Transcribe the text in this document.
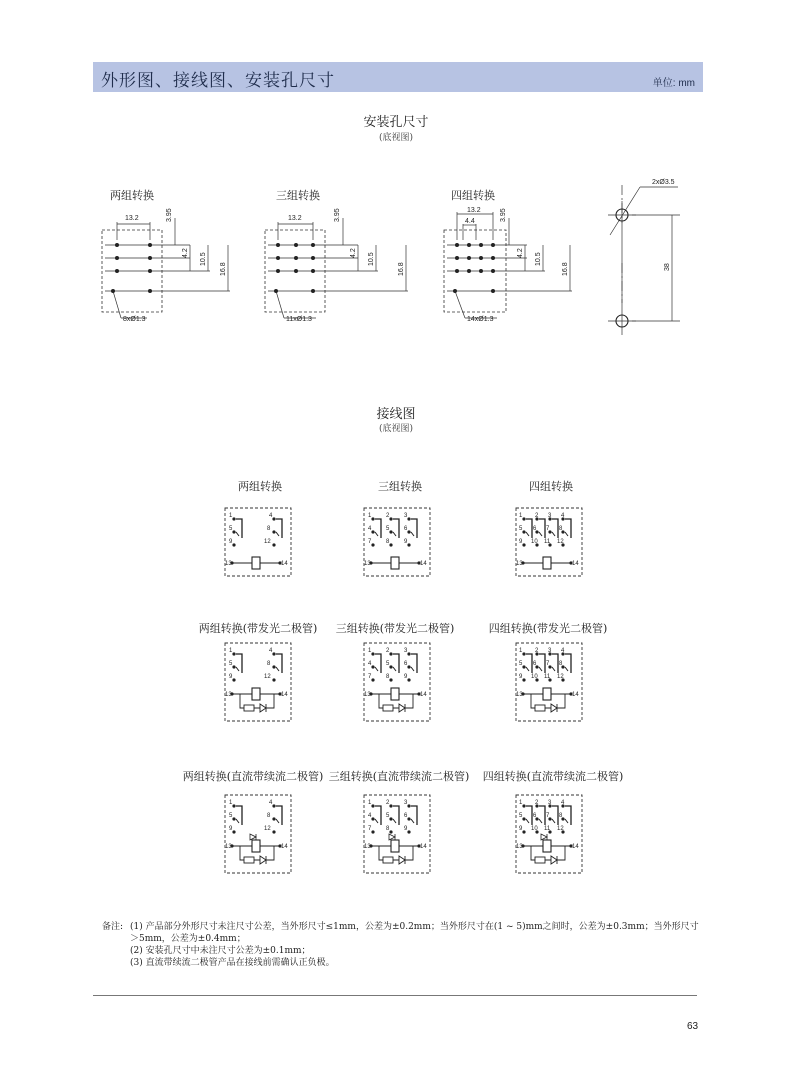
外形图、接线图、安装孔尺寸	单位: mm
安装孔尺寸
(底视图)
两组转换	三组转换	四组转换
13.2	3.95
4.2 10.5
16.8
8xØ1.3
13.2	3.95
4.2 10.5
16.8
11xØ1.3
13.2
4.4	3.95
4.2 10.5
16.8
14xØ1.3
2xØ3.5
38
接线图
(底视图)
两组转换	三组转换	四组转换
两组转换(带发光二极管) 三组转换(带发光二极管)	四组转换(带发光二极管)
两组转换(直流带续流二极管) 三组转换(直流带续流二极管) 四组转换(直流带续流二极管)
1	4
5	8
9	12
13	14
1 2 3
4 5 6
7 8 9
13	14
1 2 3 4
5 6 7 8
9 10 11 12
13	14
1	4
5	8
9	12
13	14
1 2 3
4 5 6
7 8 9
13	14
1 2 3 4
5 6 7 8
9 10 11 12
13	14
1	4
5	8
9	12
13	14
1 2 3
4 5 6
7 8 9
13	14
1 2 3 4
5 6 7 8
9 10 11 12
13	14
备注: (1) 产品部分外形尺寸未注尺寸公差，当外形尺寸≤1mm，公差为±0.2mm；当外形尺寸在(1 ~ 5)mm之间时，公差为±0.3mm；当外形尺寸＞5mm，公差为±0.4mm；
(2) 安装孔尺寸中未注尺寸公差为±0.1mm；
(3) 直流带续流二极管产品在接线前需确认正负极。
63
